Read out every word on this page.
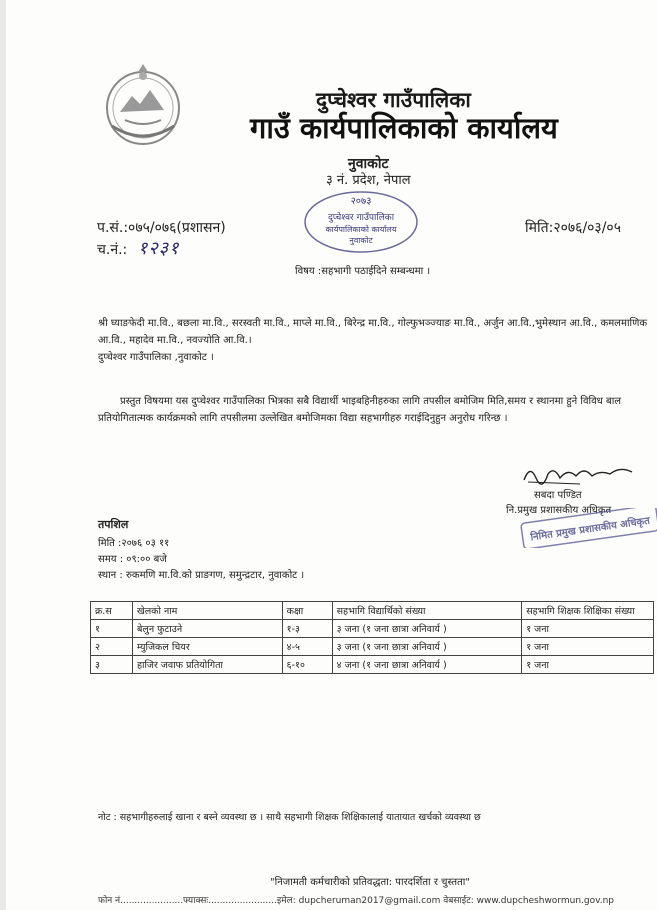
दुप्चेश्वर गाउँपालिका
गाउँ कार्यपालिकाको कार्यालय
नुवाकोट
३ नं. प्रदेश, नेपाल
२०७३
दुप्चेश्वर गाउँपालिका
कार्यपालिकाको कार्यालय
नुवाकोट
प.सं.:०७५/०७६(प्रशासन)	मिति:२०७६/०३/०५
च.नं.: १२३१
विषय :सहभागी पठाईदिने सम्बन्धमा ।
श्री घ्याङफेदी मा.वि., बछला मा.वि., सरस्वती मा.वि., माप्ले मा.वि., बिरेन्द्र मा.वि., गोल्फुभञ्ज्याङ मा.वि., अर्जुन आ.वि.,भुमेस्थान आ.वि., कमलमाणिक आ.वि., महादेव मा.वि., नवज्योति आ.वि.।
दुप्चेश्वर गाउँपालिका ,नुवाकोट ।
प्रस्तुत विषयमा यस दुप्चेश्वर गाउँपालिका भित्रका सबै विद्यार्थी भाइबहिनीहरुका लागि तपसील बमोजिम मिति,समय र स्थानमा हुने विविध बाल प्रतियोगितात्मक कार्यक्रमको लागि तपसीलमा उल्लेखित बमोजिमका विद्या सहभागीहरु गराईदिनुहुन अनुरोध गरिन्छ ।
सबदा पण्डित
नि.प्रमुख प्रशासकीय अधिकृत
निमित प्रमुख प्रशासकीय अधिकृत
तपशिल
मिति :२०७६ ०३ ११
समय : ०९:०० बजे
स्थान : रुकमणि मा.वि.को प्राङगण, समुन्द्रटार, नुवाकोट ।
क्र.स	खेलको नाम	कक्षा	सहभागि विद्यार्थिको संख्या	सहभागि शिक्षक शिक्षिका संख्या
१	बेलुन फुटाउने	१-३	३ जना (१ जना छात्रा अनिवार्य )	१ जना
२	म्युजिकल चियर	४-५	३ जना (१ जना छात्रा अनिवार्य )	१ जना
३	हाजिर जवाफ प्रतियोगिता	६-१०	४ जना (१ जना छात्रा अनिवार्य )	१ जना
नोट : सहभागीहरुलाई खाना र बस्ने व्यवस्था छ । साथै सहभागी शिक्षक शिक्षिकालाई यातायात खर्चको व्यवस्था छ
"निजामती कर्मचारीको प्रतिवद्धता: पारदर्शिता र चुस्तता"
फोन नं......................फ्याक्सः........................इमेल: dupcheruman2017@gmail.com वेबसाईट: www.dupcheshwormun.gov.np
